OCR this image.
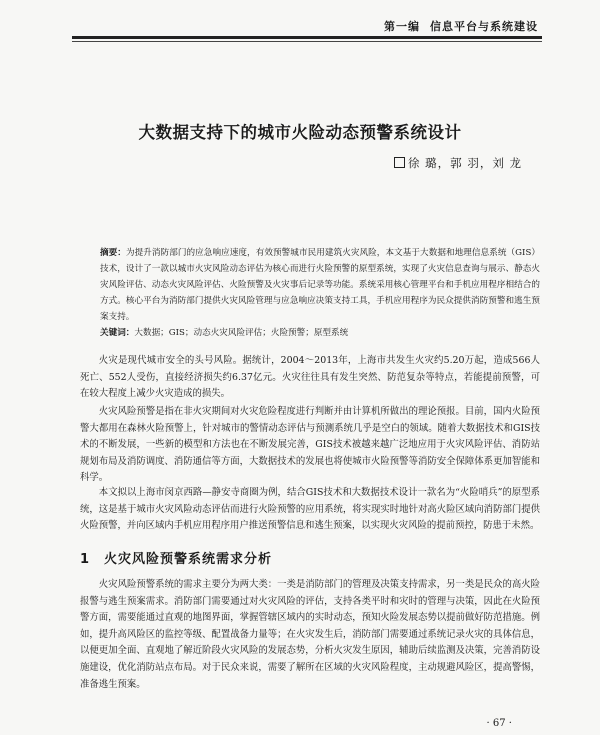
第一编 信息平台与系统建设
大数据支持下的城市火险动态预警系统设计
徐 璐，郭 羽，刘 龙
摘要：为提升消防部门的应急响应速度，有效预警城市民用建筑火灾风险，本文基于大数据和地理信息系统（GIS）技术，设计了一款以城市火灾风险动态评估为核心而进行火险预警的原型系统，实现了火灾信息查询与展示、静态火灾风险评估、动态火灾风险评估、火险预警及火灾事后记录等功能。系统采用核心管理平台和手机应用程序相结合的方式。核心平台为消防部门提供火灾风险管理与应急响应决策支持工具，手机应用程序为民众提供消防预警和逃生预案支持。
关键词：大数据；GIS；动态火灾风险评估；火险预警；原型系统
火灾是现代城市安全的头号风险。据统计，2004～2013年，上海市共发生火灾约5.20万起，造成566人死亡、552人受伤，直接经济损失约6.37亿元。火灾往往具有发生突然、防范复杂等特点，若能提前预警，可在较大程度上减少火灾造成的损失。
火灾风险预警是指在非火灾期间对火灾危险程度进行判断并由计算机所做出的理论预报。目前，国内火险预警大都用在森林火险预警上，针对城市的警情动态评估与预测系统几乎是空白的领域。随着大数据技术和GIS技术的不断发展，一些新的模型和方法也在不断发展完善，GIS技术被越来越广泛地应用于火灾风险评估、消防站规划布局及消防调度、消防通信等方面，大数据技术的发展也将使城市火险预警等消防安全保障体系更加智能和科学。
本文拟以上海市闵京西路—静安寺商圈为例，结合GIS技术和大数据技术设计一款名为“火险哨兵”的原型系统，这是基于城市火灾风险动态评估而进行火险预警的应用系统，将实现实时地针对高火险区域向消防部门提供火险预警，并向区域内手机应用程序用户推送预警信息和逃生预案，以实现火灾风险的提前预控，防患于未然。
1 火灾风险预警系统需求分析
火灾风险预警系统的需求主要分为两大类：一类是消防部门的管理及决策支持需求，另一类是民众的高火险报警与逃生预案需求。消防部门需要通过对火灾风险的评估，支持各类平时和灾时的管理与决策，因此在火险预警方面，需要能通过直观的地图界面，掌握管辖区域内的实时动态，预知火险发展态势以提前做好防范措施。例如，提升高风险区的监控等级、配置战备力量等；在火灾发生后，消防部门需要通过系统记录火灾的具体信息，以便更加全面、直观地了解近阶段火灾风险的发展态势，分析火灾发生原因，辅助后续监测及决策，完善消防设施建设，优化消防站点布局。对于民众来说，需要了解所在区域的火灾风险程度，主动规避风险区，提高警惕，准备逃生预案。
· 67 ·
